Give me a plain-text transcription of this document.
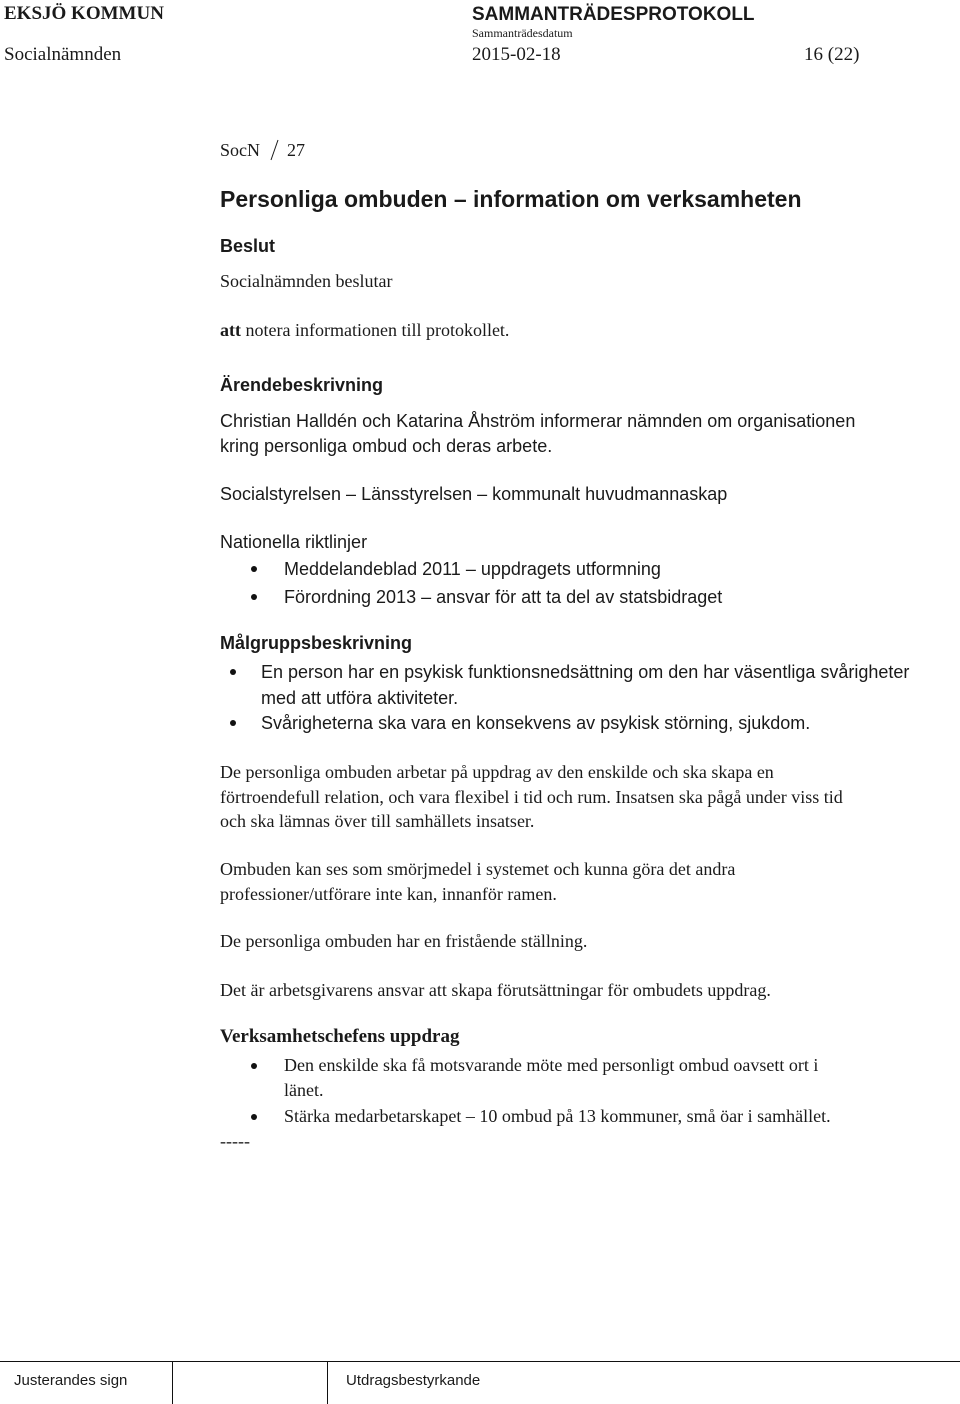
EKSJÖ KOMMUN	SAMMANTRÄDESPROTOKOLL
Sammanträdesdatum
Socialnämnden	2015-02-18	16 (22)
SocN 27
Personliga ombuden – information om verksamheten
Beslut
Socialnämnden beslutar
att notera informationen till protokollet.
Ärendebeskrivning
Christian Halldén och Katarina Åhström informerar nämnden om organisationen
kring personliga ombud och deras arbete.
Socialstyrelsen – Länsstyrelsen – kommunalt huvudmannaskap
Nationella riktlinjer
Meddelandeblad 2011 – uppdragets utformning
Förordning 2013 – ansvar för att ta del av statsbidraget
Målgruppsbeskrivning
En person har en psykisk funktionsnedsättning om den har väsentliga svårigheter
med att utföra aktiviteter.
Svårigheterna ska vara en konsekvens av psykisk störning, sjukdom.
De personliga ombuden arbetar på uppdrag av den enskilde och ska skapa en
förtroendefull relation, och vara flexibel i tid och rum. Insatsen ska pågå under viss tid
och ska lämnas över till samhällets insatser.
Ombuden kan ses som smörjmedel i systemet och kunna göra det andra
professioner/utförare inte kan, innanför ramen.
De personliga ombuden har en fristående ställning.
Det är arbetsgivarens ansvar att skapa förutsättningar för ombudets uppdrag.
Verksamhetschefens uppdrag
Den enskilde ska få motsvarande möte med personligt ombud oavsett ort i
länet.
Stärka medarbetarskapet – 10 ombud på 13 kommuner, små öar i samhället.
-----
Justerandes sign	Utdragsbestyrkande
